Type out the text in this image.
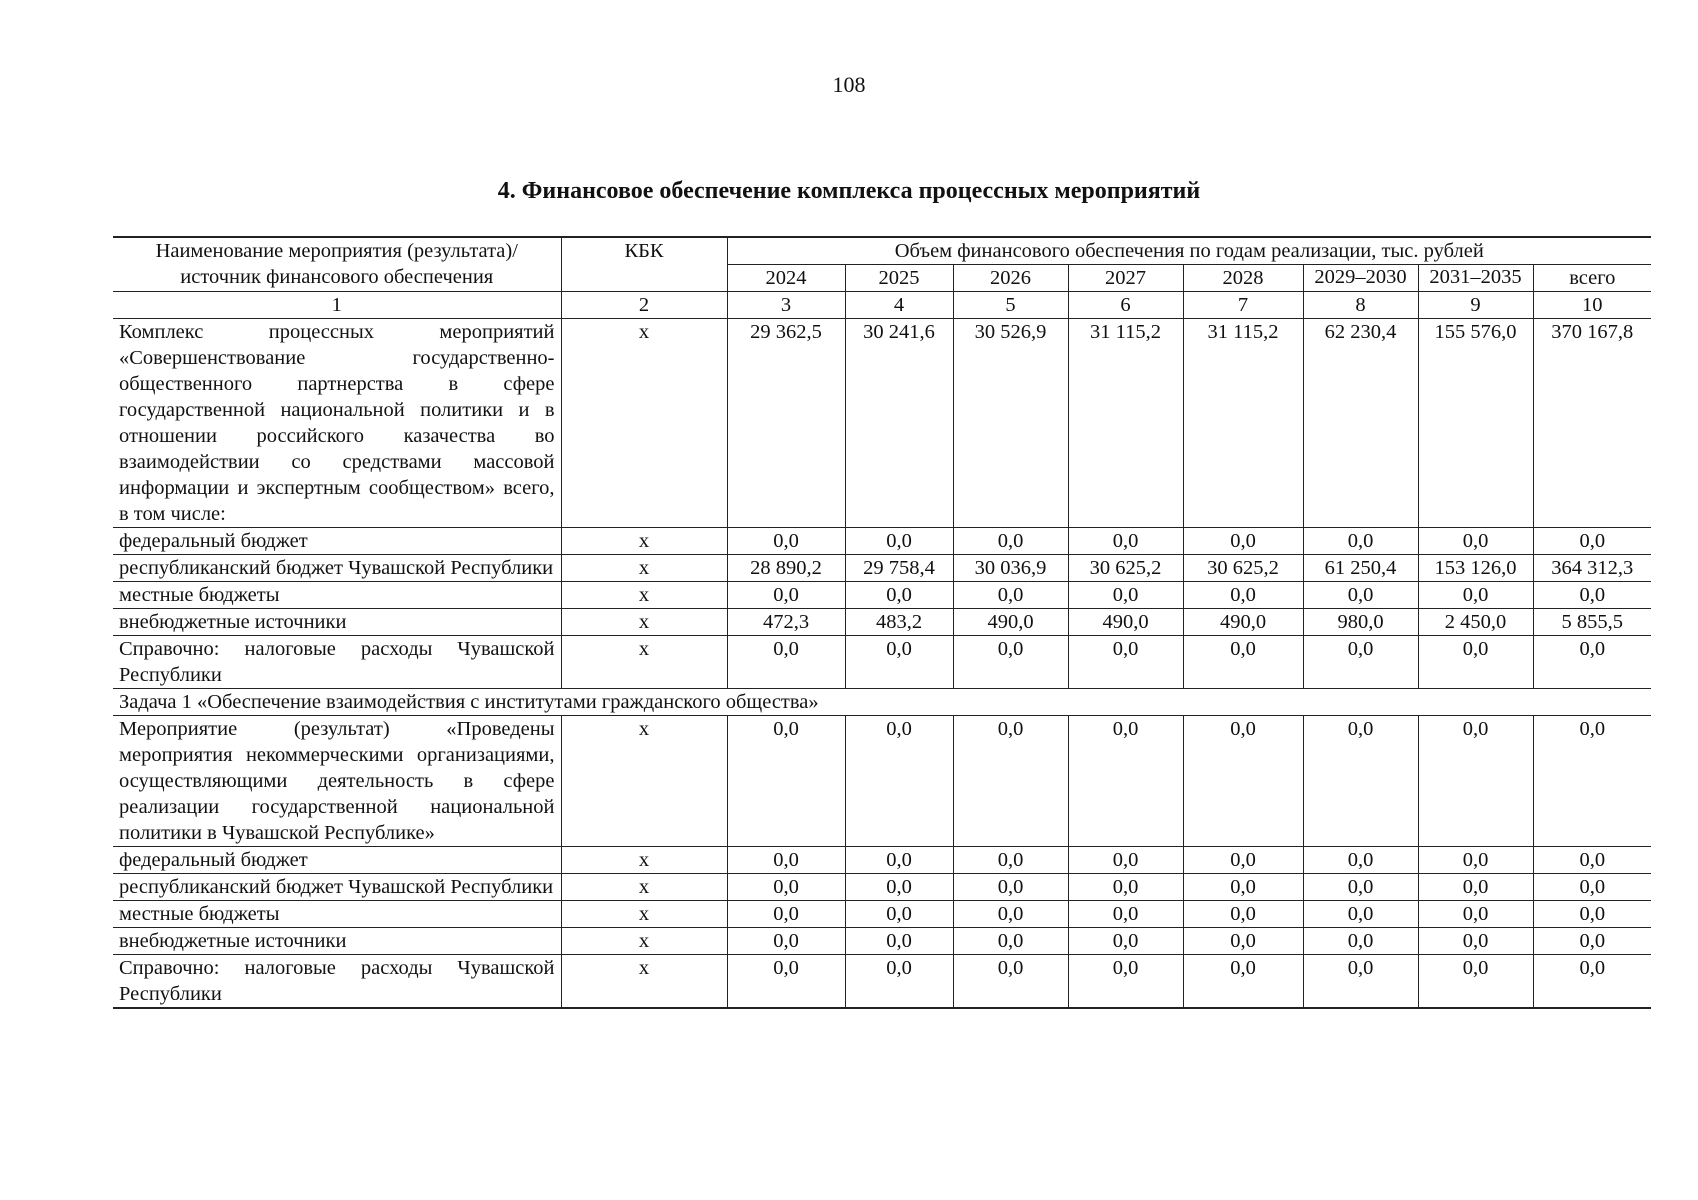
108
4. Финансовое обеспечение комплекса процессных мероприятий
Наименование мероприятия (результата)/ источник финансового обеспечения	КБК	Объем финансового обеспечения по годам реализации, тыс. рублей							
		2024	2025	2026	2027	2028	2029–2030	2031–2035	всего
1	2	3	4	5	6	7	8	9	10
Комплекс процессных мероприятий «Совершенствование государственно-общественного партнерства в сфере государственной национальной политики и в отношении российского казачества во взаимодействии со средствами массовой информации и экспертным сообществом» всего, в том числе:	х	29 362,5	30 241,6	30 526,9	31 115,2	31 115,2	62 230,4	155 576,0	370 167,8
федеральный бюджет	х	0,0	0,0	0,0	0,0	0,0	0,0	0,0	0,0
республиканский бюджет Чувашской Республики	х	28 890,2	29 758,4	30 036,9	30 625,2	30 625,2	61 250,4	153 126,0	364 312,3
местные бюджеты	х	0,0	0,0	0,0	0,0	0,0	0,0	0,0	0,0
внебюджетные источники	х	472,3	483,2	490,0	490,0	490,0	980,0	2 450,0	5 855,5
Справочно: налоговые расходы Чувашской Республики	х	0,0	0,0	0,0	0,0	0,0	0,0	0,0	0,0
Задача 1 «Обеспечение взаимодействия с институтами гражданского общества»									
Мероприятие (результат) «Проведены мероприятия некоммерческими организациями, осуществляющими деятельность в сфере реализации государственной национальной политики в Чувашской Республике»	х	0,0	0,0	0,0	0,0	0,0	0,0	0,0	0,0
федеральный бюджет	х	0,0	0,0	0,0	0,0	0,0	0,0	0,0	0,0
республиканский бюджет Чувашской Республики	х	0,0	0,0	0,0	0,0	0,0	0,0	0,0	0,0
местные бюджеты	х	0,0	0,0	0,0	0,0	0,0	0,0	0,0	0,0
внебюджетные источники	х	0,0	0,0	0,0	0,0	0,0	0,0	0,0	0,0
Справочно: налоговые расходы Чувашской Республики	х	0,0	0,0	0,0	0,0	0,0	0,0	0,0	0,0
